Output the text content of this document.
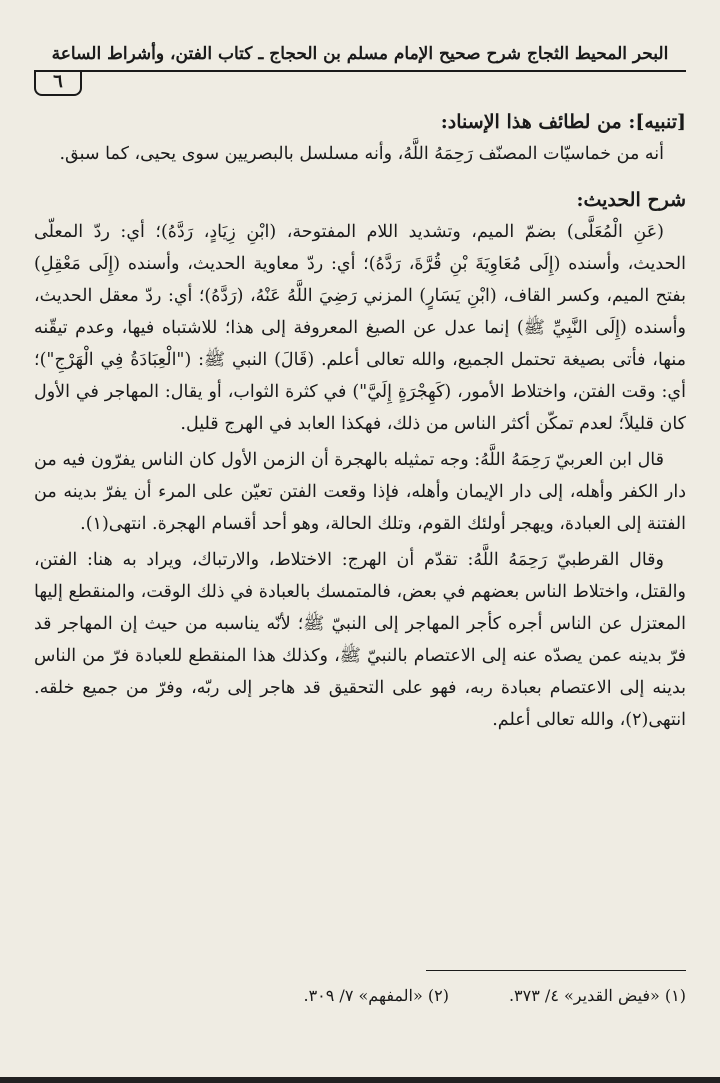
البحر المحيط الثجاج شرح صحيح الإمام مسلم بن الحجاج ـ كتاب الفتن، وأشراط الساعة
٦

[تنبيه]: من لطائف هذا الإسناد:

أنه من خماسيّات المصنّف رَحِمَهُ اللَّهُ، وأنه مسلسل بالبصريين سوى يحيى، كما سبق.

شرح الحديث:

(عَنِ الْمُعَلَّى) بضمّ الميم، وتشديد اللام المفتوحة، (ابْنِ زِيَادٍ، رَدَّهُ)؛ أي: ردّ المعلّى الحديث، وأسنده (إِلَى مُعَاوِيَةَ بْنِ قُرَّةَ، رَدَّهُ)؛ أي: ردّ معاوية الحديث، وأسنده (إِلَى مَعْقِلِ) بفتح الميم، وكسر القاف، (ابْنِ يَسَارٍ) المزني رَضِيَ اللَّهُ عَنْهُ، (رَدَّهُ)؛ أي: ردّ معقل الحديث، وأسنده (إِلَى النَّبِيِّ ﷺ) إنما عدل عن الصيغ المعروفة إلى هذا؛ للاشتباه فيها، وعدم تيقّنه منها، فأتى بصيغة تحتمل الجميع، والله تعالى أعلم. (قَالَ) النبي ﷺ: ("الْعِبَادَةُ فِي الْهَرْجِ")؛ أي: وقت الفتن، واختلاط الأمور، (كَهِجْرَةٍ إِلَيَّ") في كثرة الثواب، أو يقال: المهاجر في الأول كان قليلاً؛ لعدم تمكّن أكثر الناس من ذلك، فهكذا العابد في الهرج قليل.

قال ابن العربيّ رَحِمَهُ اللَّهُ: وجه تمثيله بالهجرة أن الزمن الأول كان الناس يفرّون فيه من دار الكفر وأهله، إلى دار الإيمان وأهله، فإذا وقعت الفتن تعيّن على المرء أن يفرّ بدينه من الفتنة إلى العبادة، ويهجر أولئك القوم، وتلك الحالة، وهو أحد أقسام الهجرة. انتهى(١).

وقال القرطبيّ رَحِمَهُ اللَّهُ: تقدّم أن الهرج: الاختلاط، والارتباك، ويراد به هنا: الفتن، والقتل، واختلاط الناس بعضهم في بعض، فالمتمسك بالعبادة في ذلك الوقت، والمنقطع إليها المعتزل عن الناس أجره كأجر المهاجر إلى النبيّ ﷺ؛ لأنّه يناسبه من حيث إن المهاجر قد فرّ بدينه عمن يصدّه عنه إلى الاعتصام بالنبيّ ﷺ، وكذلك هذا المنقطع للعبادة فرّ من الناس بدينه إلى الاعتصام بعبادة ربه، فهو على التحقيق قد هاجر إلى ربّه، وفرّ من جميع خلقه. انتهى(٢)، والله تعالى أعلم.

(١) «فيض القدير» ٤/ ٣٧٣.
(٢) «المفهم» ٧/ ٣٠٩.
